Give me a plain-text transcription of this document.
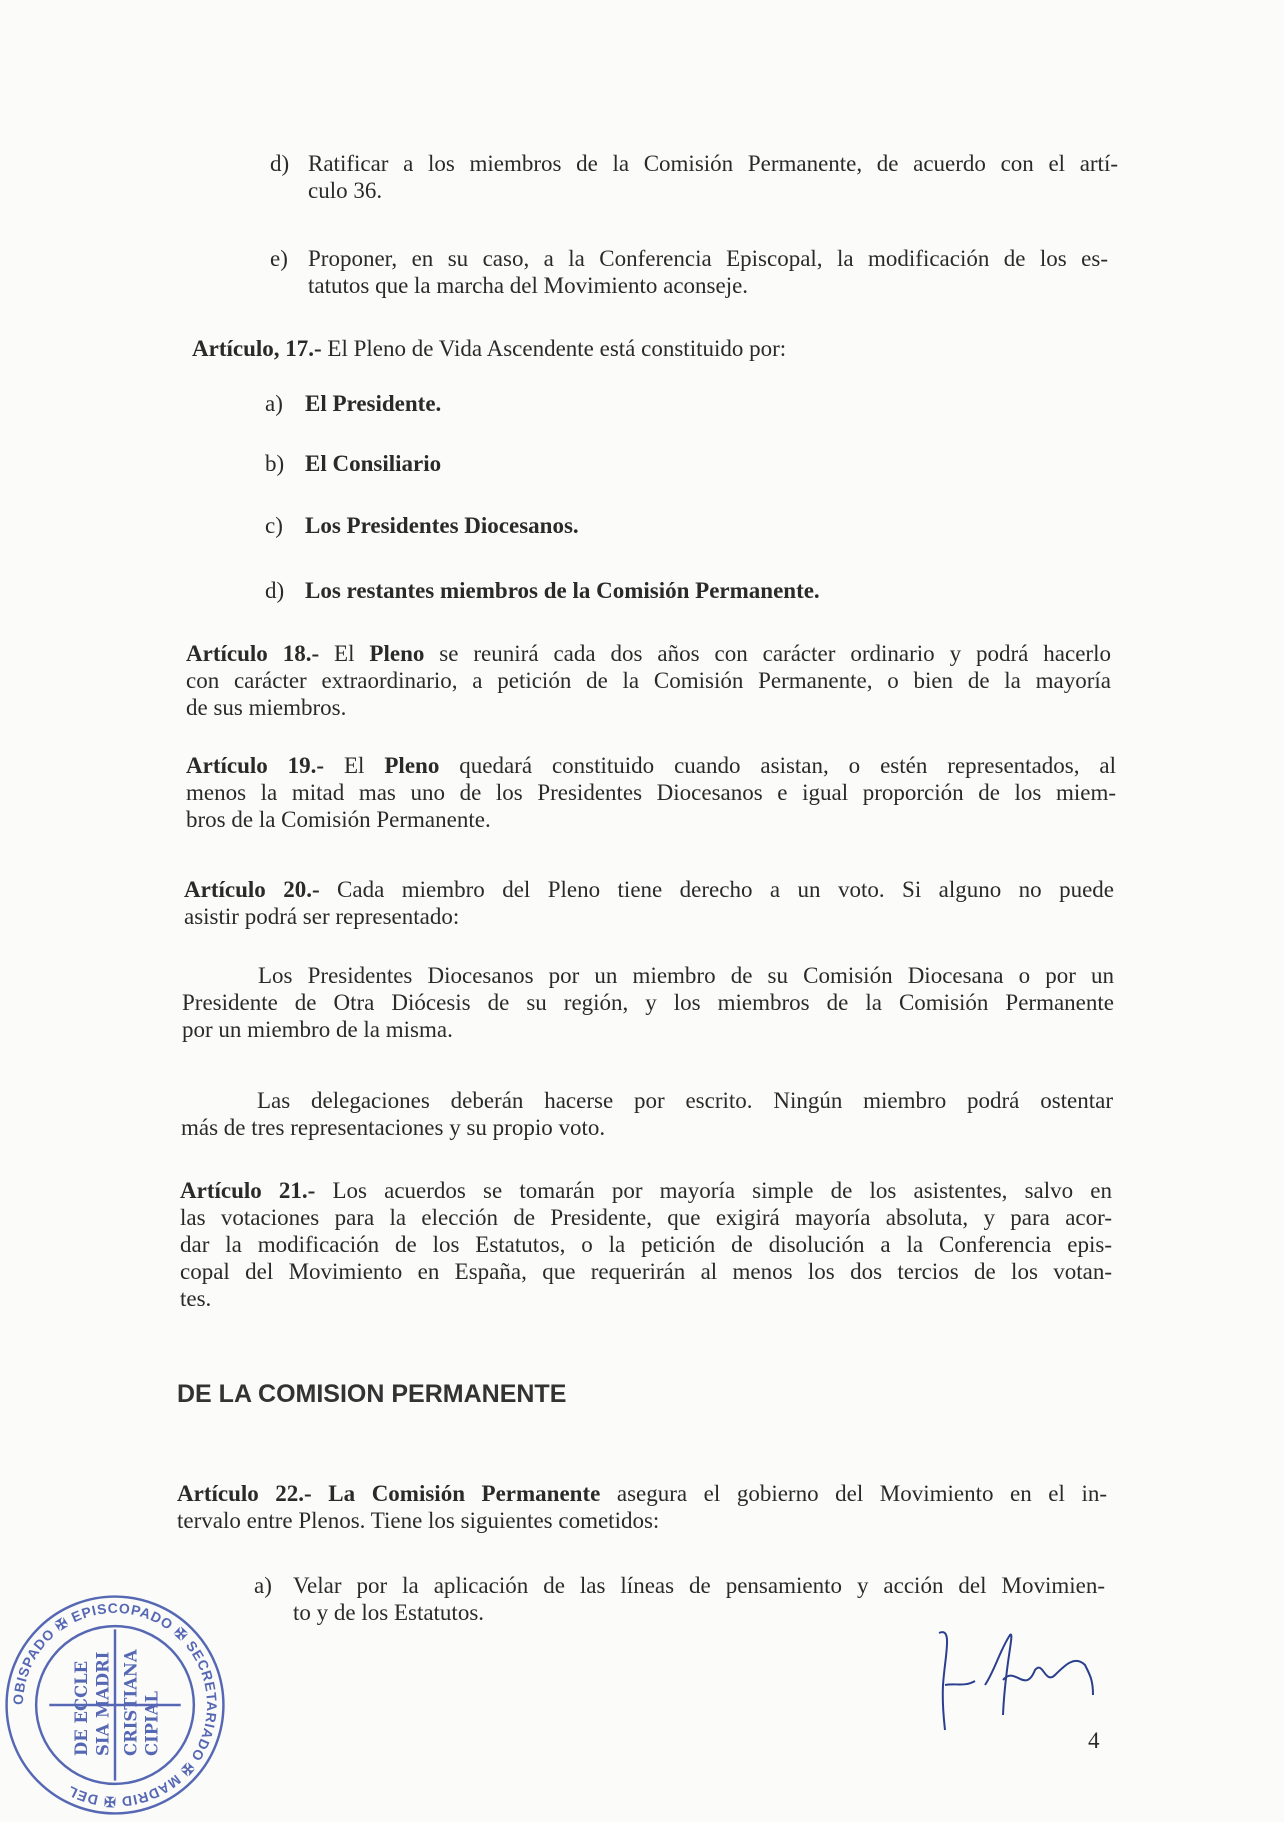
d) Ratificar a los miembros de la Comisión Permanente, de acuerdo con el artí-
culo 36.
e) Proponer, en su caso, a la Conferencia Episcopal, la modificación de los es-
tatutos que la marcha del Movimiento aconseje.
Artículo, 17.- El Pleno de Vida Ascendente está constituido por:
a) El Presidente.
b) El Consiliario
c) Los Presidentes Diocesanos.
d) Los restantes miembros de la Comisión Permanente.
Artículo 18.- El Pleno se reunirá cada dos años con carácter ordinario y podrá hacerlo
con carácter extraordinario, a petición de la Comisión Permanente, o bien de la mayoría
de sus miembros.
Artículo 19.- El Pleno quedará constituido cuando asistan, o estén representados, al
menos la mitad mas uno de los Presidentes Diocesanos e igual proporción de los miem-
bros de la Comisión Permanente.
Artículo 20.- Cada miembro del Pleno tiene derecho a un voto. Si alguno no puede
asistir podrá ser representado:
Los Presidentes Diocesanos por un miembro de su Comisión Diocesana o por un
Presidente de Otra Diócesis de su región, y los miembros de la Comisión Permanente
por un miembro de la misma.
Las delegaciones deberán hacerse por escrito. Ningún miembro podrá ostentar
más de tres representaciones y su propio voto.
Artículo 21.- Los acuerdos se tomarán por mayoría simple de los asistentes, salvo en
las votaciones para la elección de Presidente, que exigirá mayoría absoluta, y para acor-
dar la modificación de los Estatutos, o la petición de disolución a la Conferencia epis-
copal del Movimiento en España, que requerirán al menos los dos tercios de los votan-
tes.
DE LA COMISION PERMANENTE
Artículo 22.- La Comisión Permanente asegura el gobierno del Movimiento en el in-
tervalo entre Plenos. Tiene los siguientes cometidos:
a) Velar por la aplicación de las líneas de pensamiento y acción del Movimien-
to y de los Estatutos.
OBISPADO ✠ EPISCOPADO ✠ SECRETARIADO ✠ MADRID ✠ DEL
DE ECCLE SIA MADRI CRISTIANA CIPIAL	4
